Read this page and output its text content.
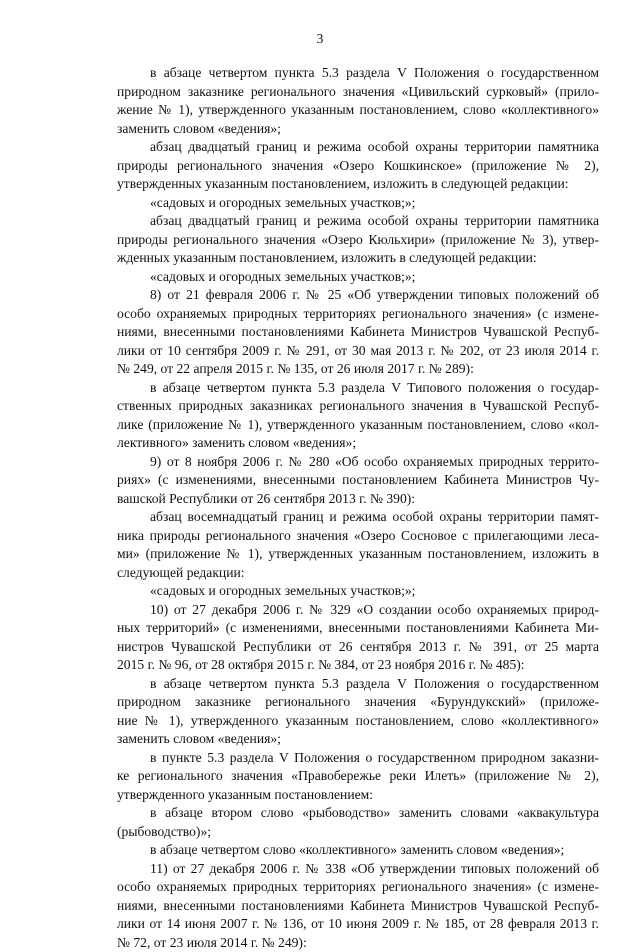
3
в абзаце четвертом пункта 5.3 раздела V Положения о государственном
природном заказнике регионального значения «Цивильский сурковый» (прило-
жение № 1), утвержденного указанным постановлением, слово «коллективного»
заменить словом «ведения»;
абзац двадцатый границ и режима особой охраны территории памятника
природы регионального значения «Озеро Кошкинское» (приложение № 2),
утвержденных указанным постановлением, изложить в следующей редакции:
«садовых и огородных земельных участков;»;
абзац двадцатый границ и режима особой охраны территории памятника
природы регионального значения «Озеро Кюльхири» (приложение № 3), утвер-
жденных указанным постановлением, изложить в следующей редакции:
«садовых и огородных земельных участков;»;
8) от 21 февраля 2006 г. № 25 «Об утверждении типовых положений об
особо охраняемых природных территориях регионального значения» (с измене-
ниями, внесенными постановлениями Кабинета Министров Чувашской Респуб-
лики от 10 сентября 2009 г. № 291, от 30 мая 2013 г. № 202, от 23 июля 2014 г.
№ 249, от 22 апреля 2015 г. № 135, от 26 июля 2017 г. № 289):
в абзаце четвертом пункта 5.3 раздела V Типового положения о государ-
ственных природных заказниках регионального значения в Чувашской Респуб-
лике (приложение № 1), утвержденного указанным постановлением, слово «кол-
лективного» заменить словом «ведения»;
9) от 8 ноября 2006 г. № 280 «Об особо охраняемых природных террито-
риях» (с изменениями, внесенными постановлением Кабинета Министров Чу-
вашской Республики от 26 сентября 2013 г. № 390):
абзац восемнадцатый границ и режима особой охраны территории памят-
ника природы регионального значения «Озеро Сосновое с прилегающими леса-
ми» (приложение № 1), утвержденных указанным постановлением, изложить в
следующей редакции:
«садовых и огородных земельных участков;»;
10) от 27 декабря 2006 г. № 329 «О создании особо охраняемых природ-
ных территорий» (с изменениями, внесенными постановлениями Кабинета Ми-
нистров Чувашской Республики от 26 сентября 2013 г. № 391, от 25 марта
2015 г. № 96, от 28 октября 2015 г. № 384, от 23 ноября 2016 г. № 485):
в абзаце четвертом пункта 5.3 раздела V Положения о государственном
природном заказнике регионального значения «Бурундукский» (приложе-
ние № 1), утвержденного указанным постановлением, слово «коллективного»
заменить словом «ведения»;
в пункте 5.3 раздела V Положения о государственном природном заказни-
ке регионального значения «Правобережье реки Илеть» (приложение № 2),
утвержденного указанным постановлением:
в абзаце втором слово «рыбоводство» заменить словами «аквакультура
(рыбоводство)»;
в абзаце четвертом слово «коллективного» заменить словом «ведения»;
11) от 27 декабря 2006 г. № 338 «Об утверждении типовых положений об
особо охраняемых природных территориях регионального значения» (с измене-
ниями, внесенными постановлениями Кабинета Министров Чувашской Респуб-
лики от 14 июня 2007 г. № 136, от 10 июня 2009 г. № 185, от 28 февраля 2013 г.
№ 72, от 23 июля 2014 г. № 249):
